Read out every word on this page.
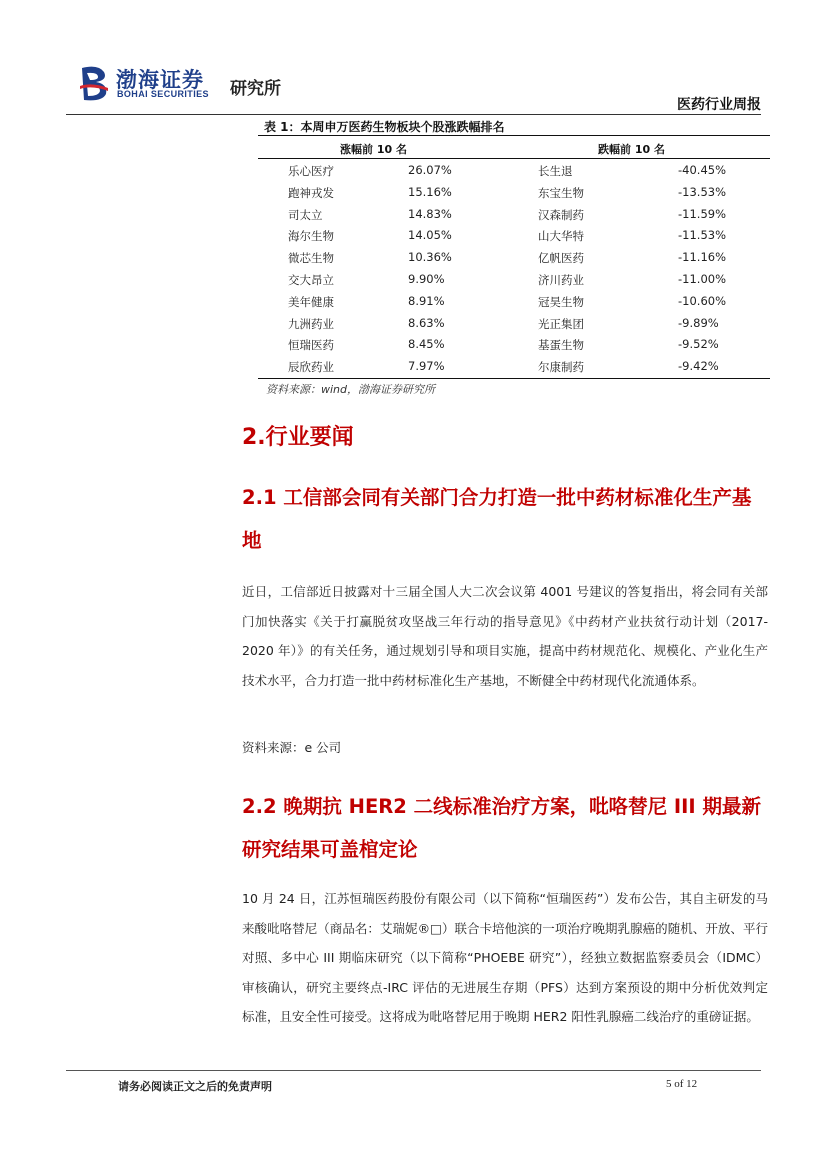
渤海证券
BOHAI SECURITIES 研究所
医药行业周报
表 1：本周申万医药生物板块个股涨跌幅排名
涨幅前 10 名	跌幅前 10 名
乐心医疗	26.07%	长生退	-40.45%
跑神戎发	15.16%	东宝生物	-13.53%
司太立	14.83%	汉森制药	-11.59%
海尔生物	14.05%	山大华特	-11.53%
微芯生物	10.36%	亿帆医药	-11.16%
交大昂立	9.90%	济川药业	-11.00%
美年健康	8.91%	冠昊生物	-10.60%
九洲药业	8.63%	光正集团	-9.89%
恒瑞医药	8.45%	基蛋生物	-9.52%
辰欣药业	7.97%	尔康制药	-9.42%
资料来源：wind，渤海证券研究所
2.行业要闻
2.1 工信部会同有关部门合力打造一批中药材标准化生产基地
近日，工信部近日披露对十三届全国人大二次会议第 4001 号建议的答复指出，将会同有关部门加快落实《关于打赢脱贫攻坚战三年行动的指导意见》《中药材产业扶贫行动计划（2017-2020 年）》的有关任务，通过规划引导和项目实施，提高中药材规范化、规模化、产业化生产技术水平，合力打造一批中药材标准化生产基地，不断健全中药材现代化流通体系。
资料来源：e 公司
2.2 晚期抗 HER2 二线标准治疗方案，吡咯替尼 III 期最新研究结果可盖棺定论
10 月 24 日，江苏恒瑞医药股份有限公司（以下简称“恒瑞医药”）发布公告，其自主研发的马来酸吡咯替尼（商品名：艾瑞妮®□）联合卡培他滨的一项治疗晚期乳腺癌的随机、开放、平行对照、多中心 III 期临床研究（以下简称“PHOEBE 研究”），经独立数据监察委员会（IDMC）审核确认，研究主要终点-IRC 评估的无进展生存期（PFS）达到方案预设的期中分析优效判定标准，且安全性可接受。这将成为吡咯替尼用于晚期 HER2 阳性乳腺癌二线治疗的重磅证据。
请务必阅读正文之后的免责声明	5 of 12
